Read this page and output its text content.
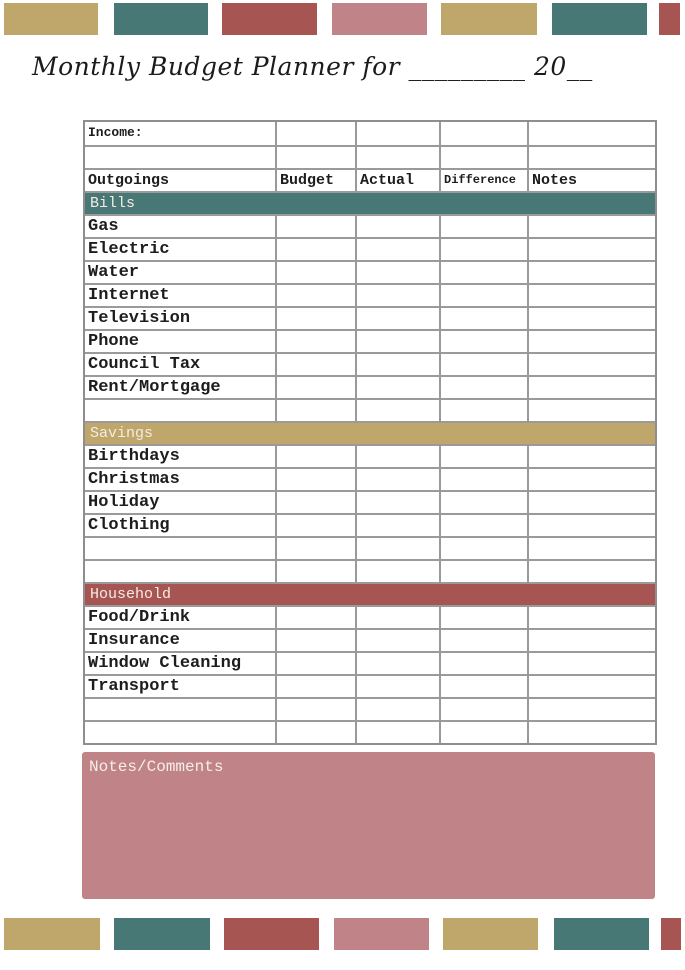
Monthly Budget Planner for _________ 20__
Income:
Outgoings	Budget	Actual	Difference	Notes
Bills
Gas
Electric
Water
Internet
Television
Phone
Council Tax
Rent/Mortgage
Savings
Birthdays
Christmas
Holiday
Clothing
Household
Food/Drink
Insurance
Window Cleaning
Transport
Notes/Comments
